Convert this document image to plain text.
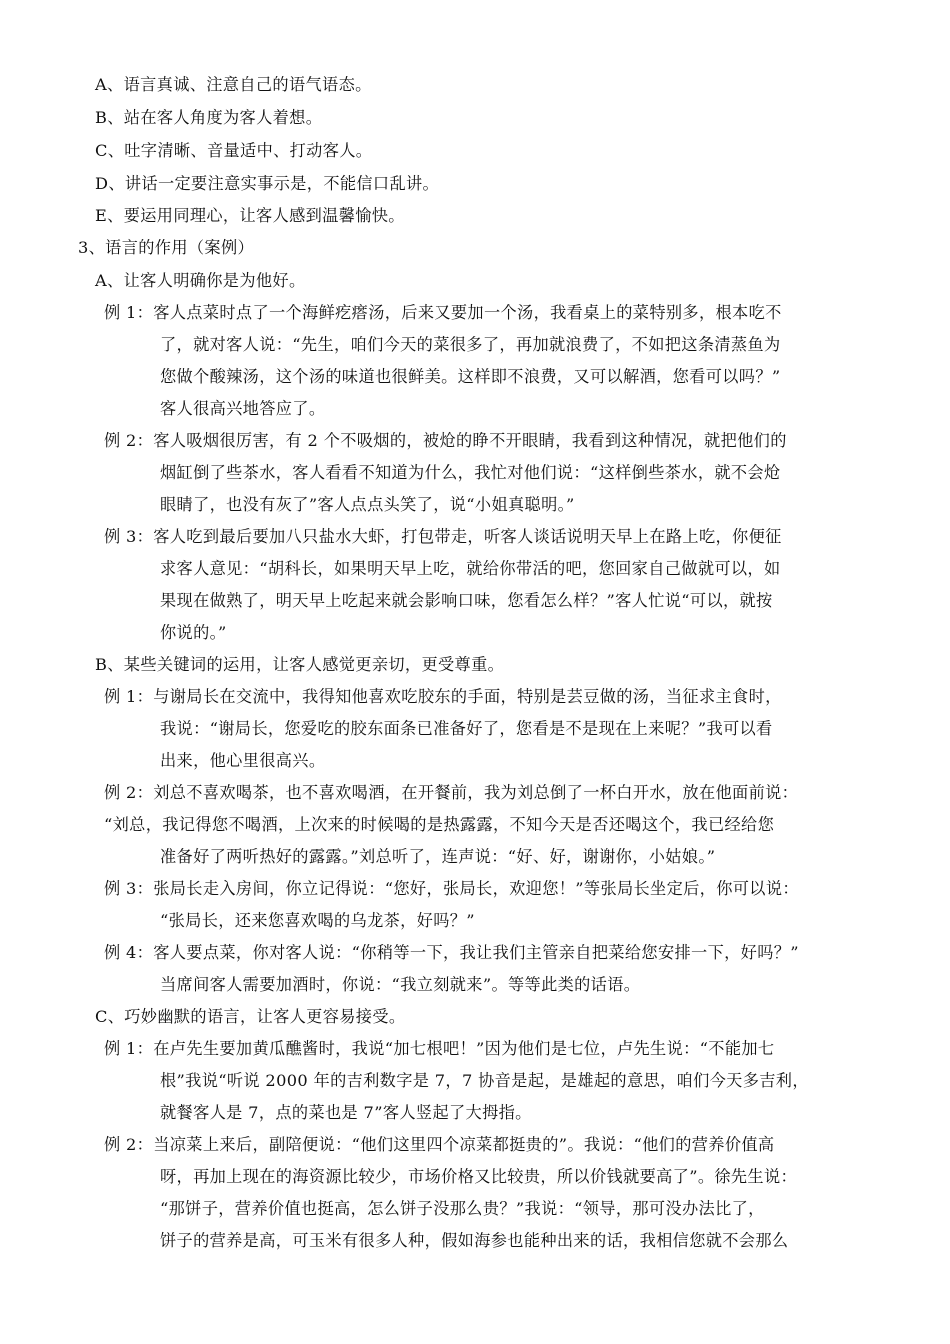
A、语言真诚、注意自己的语气语态。

B、站在客人角度为客人着想。

C、吐字清晰、音量适中、打动客人。

D、讲话一定要注意实事示是，不能信口乱讲。

E、要运用同理心，让客人感到温馨愉快。

3、语言的作用（案例）

A、让客人明确你是为他好。

例 1：客人点菜时点了一个海鲜疙瘩汤，后来又要加一个汤，我看桌上的菜特别多，根本吃不

了，就对客人说：“先生，咱们今天的菜很多了，再加就浪费了，不如把这条清蒸鱼为

您做个酸辣汤，这个汤的味道也很鲜美。这样即不浪费，又可以解酒，您看可以吗？”

客人很高兴地答应了。

例 2：客人吸烟很厉害，有 2 个不吸烟的，被炝的睁不开眼睛，我看到这种情况，就把他们的

烟缸倒了些茶水，客人看看不知道为什么，我忙对他们说：“这样倒些茶水，就不会炝

眼睛了，也没有灰了”客人点点头笑了，说“小姐真聪明。”

例 3：客人吃到最后要加八只盐水大虾，打包带走，听客人谈话说明天早上在路上吃，你便征

求客人意见：“胡科长，如果明天早上吃，就给你带活的吧，您回家自己做就可以，如

果现在做熟了，明天早上吃起来就会影响口味，您看怎么样？”客人忙说“可以，就按

你说的。”

B、某些关键词的运用，让客人感觉更亲切，更受尊重。

例 1：与谢局长在交流中，我得知他喜欢吃胶东的手面，特别是芸豆做的汤，当征求主食时，

我说：“谢局长，您爱吃的胶东面条已准备好了，您看是不是现在上来呢？”我可以看

出来，他心里很高兴。

例 2：刘总不喜欢喝茶，也不喜欢喝酒，在开餐前，我为刘总倒了一杯白开水，放在他面前说：

“刘总，我记得您不喝酒，上次来的时候喝的是热露露，不知今天是否还喝这个，我已经给您

准备好了两听热好的露露。”刘总听了，连声说：“好、好，谢谢你，小姑娘。”

例 3：张局长走入房间，你立记得说：“您好，张局长，欢迎您！”等张局长坐定后，你可以说：

“张局长，还来您喜欢喝的乌龙茶，好吗？”

例 4：客人要点菜，你对客人说：“你稍等一下，我让我们主管亲自把菜给您安排一下，好吗？”

当席间客人需要加酒时，你说：“我立刻就来”。等等此类的话语。

C、巧妙幽默的语言，让客人更容易接受。

例 1：在卢先生要加黄瓜醮酱时，我说“加七根吧！”因为他们是七位，卢先生说：“不能加七

根”我说“听说 2000 年的吉利数字是 7，7 协音是起，是雄起的意思，咱们今天多吉利，

就餐客人是 7，点的菜也是 7”客人竖起了大拇指。

例 2：当凉菜上来后，副陪便说：“他们这里四个凉菜都挺贵的”。我说：“他们的营养价值高

呀，再加上现在的海资源比较少，市场价格又比较贵，所以价钱就要高了”。徐先生说：

“那饼子，营养价值也挺高，怎么饼子没那么贵？”我说：“领导，那可没办法比了，

饼子的营养是高，可玉米有很多人种，假如海参也能种出来的话，我相信您就不会那么
